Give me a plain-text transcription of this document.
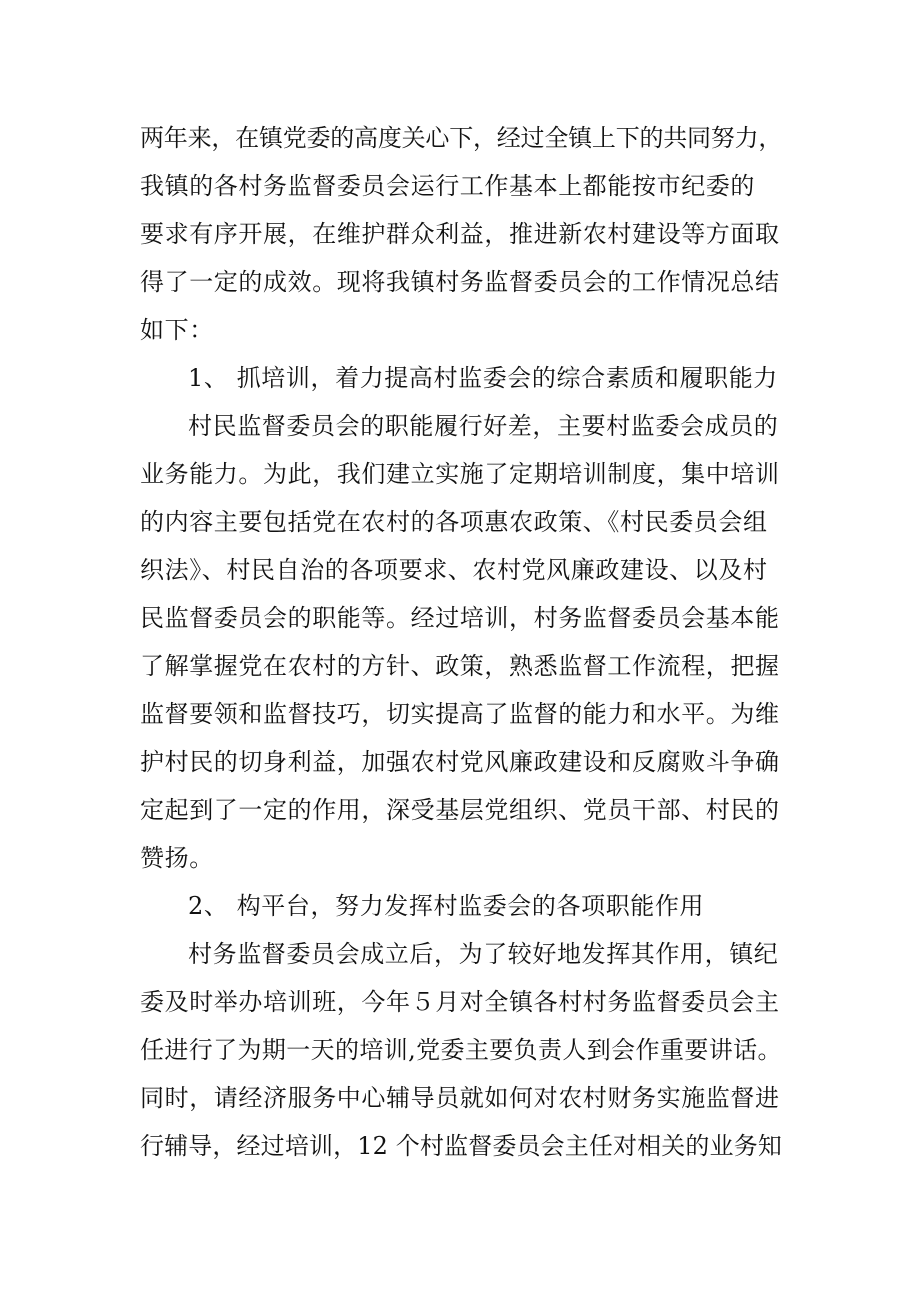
两年来，在镇党委的高度关心下，经过全镇上下的共同努力，
我镇的各村务监督委员会运行工作基本上都能按市纪委的
要求有序开展，在维护群众利益，推进新农村建设等方面取
得了一定的成效。现将我镇村务监督委员会的工作情况总结
如下：
1、 抓培训，着力提高村监委会的综合素质和履职能力
村民监督委员会的职能履行好差，主要村监委会成员的
业务能力。为此，我们建立实施了定期培训制度，集中培训
的内容主要包括党在农村的各项惠农政策、《村民委员会组
织法》、村民自治的各项要求、农村党风廉政建设、以及村
民监督委员会的职能等。经过培训，村务监督委员会基本能
了解掌握党在农村的方针、政策，熟悉监督工作流程，把握
监督要领和监督技巧，切实提高了监督的能力和水平。为维
护村民的切身利益，加强农村党风廉政建设和反腐败斗争确
定起到了一定的作用，深受基层党组织、党员干部、村民的
赞扬。
2、 构平台，努力发挥村监委会的各项职能作用
村务监督委员会成立后，为了较好地发挥其作用，镇纪
委及时举办培训班，今年５月对全镇各村村务监督委员会主
任进行了为期一天的培训,党委主要负责人到会作重要讲话。
同时，请经济服务中心辅导员就如何对农村财务实施监督进
行辅导，经过培训，12 个村监督委员会主任对相关的业务知
